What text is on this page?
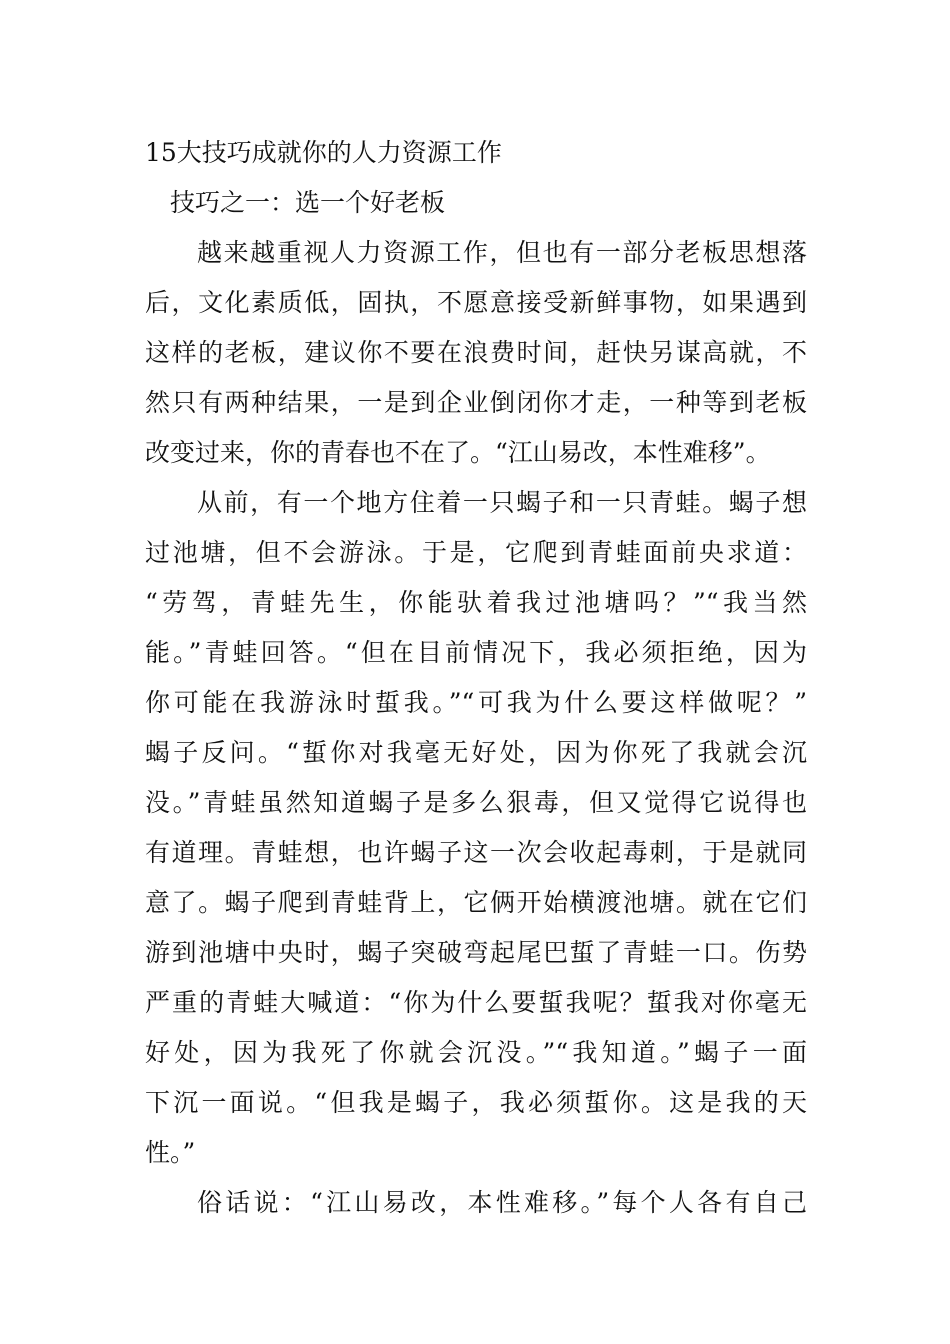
15大技巧成就你的人力资源工作
技巧之一：选一个好老板
越来越重视人力资源工作，但也有一部分老板思想落
后，文化素质低，固执，不愿意接受新鲜事物，如果遇到
这样的老板，建议你不要在浪费时间，赶快另谋高就，不
然只有两种结果，一是到企业倒闭你才走，一种等到老板
改变过来，你的青春也不在了。“江山易改，本性难移”。
从前，有一个地方住着一只蝎子和一只青蛙。蝎子想
过池塘，但不会游泳。于是，它爬到青蛙面前央求道：
“劳驾，青蛙先生，你能驮着我过池塘吗？”“我当然
能。”青蛙回答。“但在目前情况下，我必须拒绝，因为
你可能在我游泳时蜇我。”“可我为什么要这样做呢？”
蝎子反问。“蜇你对我毫无好处，因为你死了我就会沉
没。”青蛙虽然知道蝎子是多么狠毒，但又觉得它说得也
有道理。青蛙想，也许蝎子这一次会收起毒刺，于是就同
意了。蝎子爬到青蛙背上，它俩开始横渡池塘。就在它们
游到池塘中央时，蝎子突破弯起尾巴蜇了青蛙一口。伤势
严重的青蛙大喊道：“你为什么要蜇我呢？蜇我对你毫无
好处，因为我死了你就会沉没。”“我知道。”蝎子一面
下沉一面说。“但我是蝎子，我必须蜇你。这是我的天
性。”
俗话说：“江山易改，本性难移。”每个人各有自己
